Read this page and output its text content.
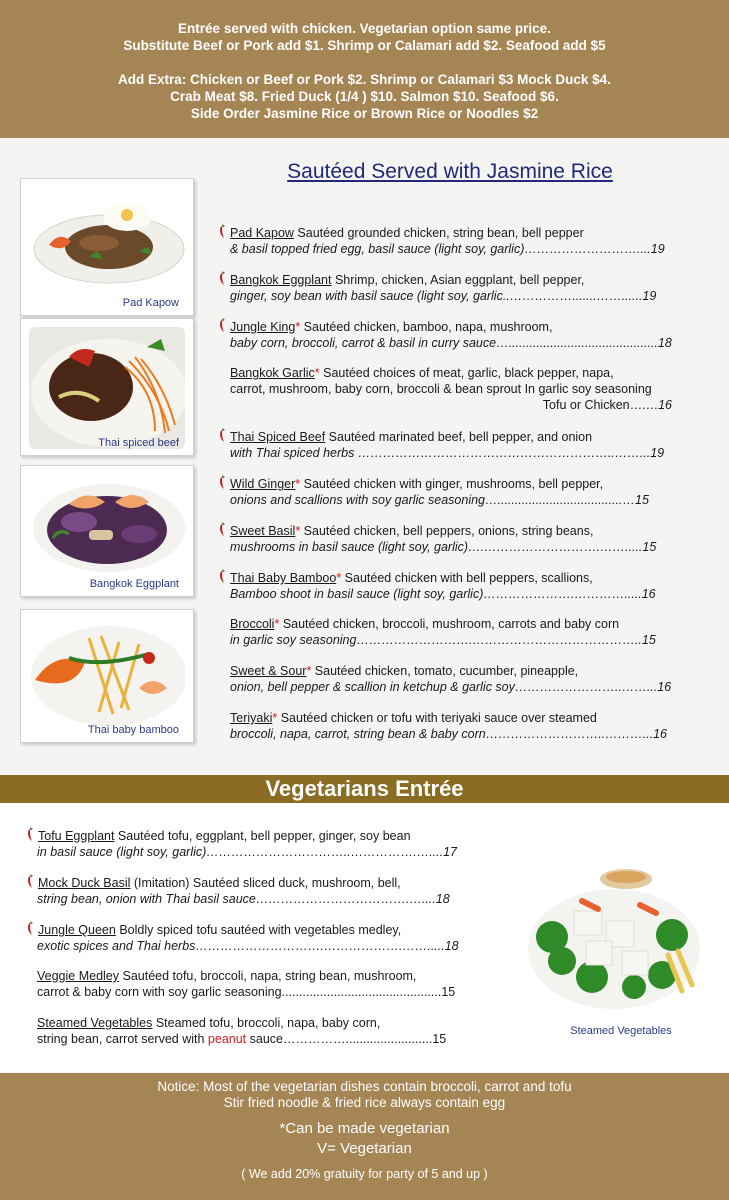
Entrée served with chicken. Vegetarian option same price.
Substitute Beef or Pork add $1. Shrimp or Calamari add $2. Seafood add $5
Add Extra: Chicken or Beef or Pork $2. Shrimp or Calamari $3 Mock Duck $4.
Crab Meat $8. Fried Duck (1/4 ) $10. Salmon $10. Seafood $6.
Side Order Jasmine Rice or Brown Rice or Noodles $2
Sautéed Served with Jasmine Rice
Pad Kapow
Thai spiced beef
Bangkok Eggplant
Thai baby bamboo
Pad Kapow Sautéed grounded chicken, string bean, bell pepper
& basil topped fried egg, basil sauce (light soy, garlic)………………………....19
Bangkok Eggplant Shrimp, chicken, Asian eggplant, bell pepper,
ginger, soy bean with basil sauce (light soy, garlic..…………….......……......19
Jungle King* Sautéed chicken, bamboo, napa, mushroom,
baby corn, broccoli, carrot & basil in curry sauce…...........................................18
Bangkok Garlic* Sautéed choices of meat, garlic, black pepper, napa,
carrot, mushroom, baby corn, broccoli & bean sprout In garlic soy seasoning
Tofu or Chicken….…16
Thai Spiced Beef Sautéed marinated beef, bell pepper, and onion
with Thai spiced herbs ……………………………………………………..……...19
Wild Ginger* Sautéed chicken with ginger, mushrooms, bell pepper,
onions and scallions with soy garlic seasoning…....................................…15
Sweet Basil* Sautéed chicken, bell peppers, onions, string beans,
mushrooms in basil sauce (light soy, garlic)….……………………….…….....15
Thai Baby Bamboo* Sautéed chicken with bell peppers, scallions,
Bamboo shoot in basil sauce (light soy, garlic)………………….………….....16
Broccoli* Sautéed chicken, broccoli, mushroom, carrots and baby corn
in garlic soy seasoning……………………….…………………………………..15
Sweet & Sour* Sautéed chicken, tomato, cucumber, pineapple,
onion, bell pepper & scallion in ketchup & garlic soy……………………..……...16
Teriyaki* Sautéed chicken or tofu with teriyaki sauce over steamed
broccoli, napa, carrot, string bean & baby corn………………………..………...16
Vegetarians Entrée
Tofu Eggplant Sautéed tofu, eggplant, bell pepper, ginger, soy bean
in basil sauce (light soy, garlic)……………………………..…………….…....17
Mock Duck Basil (Imitation) Sautéed sliced duck, mushroom, bell,
string bean, onion with Thai basil sauce……………………………….…....18
Jungle Queen Boldly spiced tofu sautéed with vegetables medley,
exotic spices and Thai herbs………………………….……………….…….....18
Veggie Medley Sautéed tofu, broccoli, napa, string bean, mushroom,
carrot & baby corn with soy garlic seasoning..............................................15
Steamed Vegetables Steamed tofu, broccoli, napa, baby corn,
string bean, carrot served with peanut sauce…………….........................15
Steamed Vegetables
Notice: Most of the vegetarian dishes contain broccoli, carrot and tofu
Stir fried noodle & fried rice always contain egg
*Can be made vegetarian
V= Vegetarian
( We add 20% gratuity for party of 5 and up )
